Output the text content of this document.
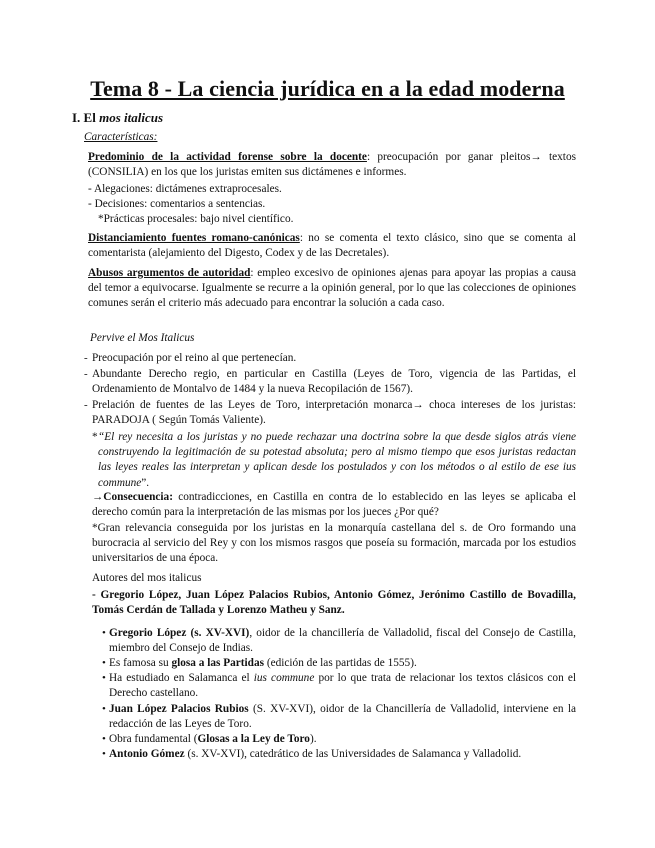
Tema 8 - La ciencia jurídica en a la edad moderna
I. El mos italicus
Características:
Predominio de la actividad forense sobre la docente: preocupación por ganar pleitos→ textos (CONSILIA) en los que los juristas emiten sus dictámenes e informes.
- Alegaciones: dictámenes extraprocesales.
- Decisiones: comentarios a sentencias.
*Prácticas procesales: bajo nivel científico.
Distanciamiento fuentes romano-canónicas: no se comenta el texto clásico, sino que se comenta al comentarista (alejamiento del Digesto, Codex y de las Decretales).
Abusos argumentos de autoridad: empleo excesivo de opiniones ajenas para apoyar las propias a causa del temor a equivocarse. Igualmente se recurre a la opinión general, por lo que las colecciones de opiniones comunes serán el criterio más adecuado para encontrar la solución a cada caso.
Pervive el Mos Italicus
- Preocupación por el reino al que pertenecían.
- Abundante Derecho regio, en particular en Castilla (Leyes de Toro, vigencia de las Partidas, el Ordenamiento de Montalvo de 1484 y la nueva Recopilación de 1567).
- Prelación de fuentes de las Leyes de Toro, interpretación monarca→ choca intereses de los juristas: PARADOJA ( Según Tomás Valiente).
* “El rey necesita a los juristas y no puede rechazar una doctrina sobre la que desde siglos atrás viene construyendo la legitimación de su potestad absoluta; pero al mismo tiempo que esos juristas redactan las leyes reales las interpretan y aplican desde los postulados y con los métodos o al estilo de ese ius commune”.
→Consecuencia: contradicciones, en Castilla en contra de lo establecido en las leyes se aplicaba el derecho común para la interpretación de las mismas por los jueces ¿Por qué?
*Gran relevancia conseguida por los juristas en la monarquía castellana del s. de Oro formando una burocracia al servicio del Rey y con los mismos rasgos que poseía su formación, marcada por los estudios universitarios de una época.
Autores del mos italicus
- Gregorio López, Juan López Palacios Rubios, Antonio Gómez, Jerónimo Castillo de Bovadilla, Tomás Cerdán de Tallada y Lorenzo Matheu y Sanz.
• Gregorio López (s. XV-XVI), oidor de la chancillería de Valladolid, fiscal del Consejo de Castilla, miembro del Consejo de Indias.
• Es famosa su glosa a las Partidas (edición de las partidas de 1555).
• Ha estudiado en Salamanca el ius commune por lo que trata de relacionar los textos clásicos con el Derecho castellano.
• Juan López Palacios Rubios (S. XV-XVI), oidor de la Chancillería de Valladolid, interviene en la redacción de las Leyes de Toro.
• Obra fundamental (Glosas a la Ley de Toro).
• Antonio Gómez (s. XV-XVI), catedrático de las Universidades de Salamanca y Valladolid.
